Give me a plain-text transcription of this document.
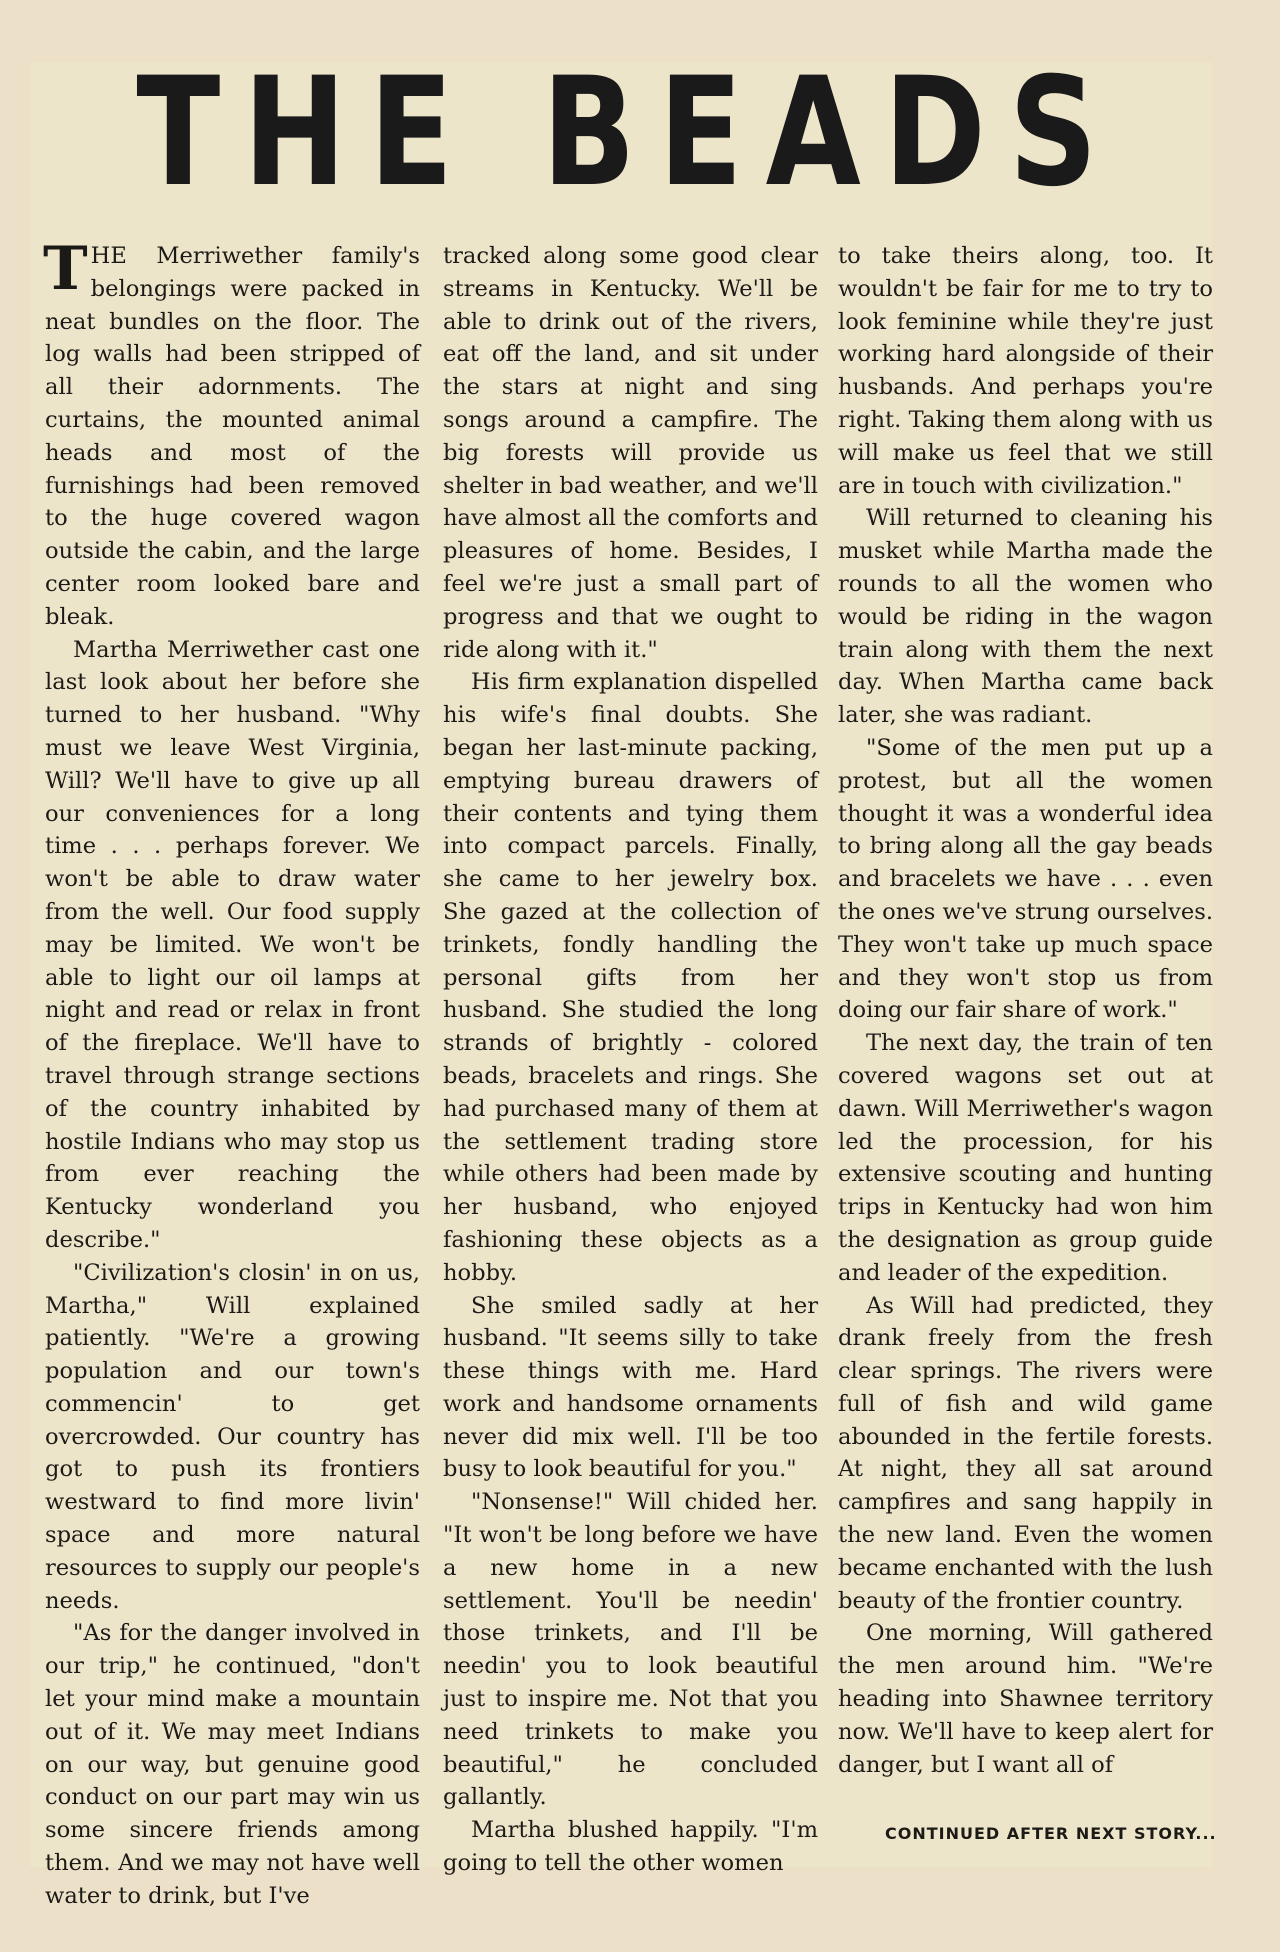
THE BEADS

THE Merriwether family's belongings were packed in neat bundles on the floor. The log walls had been stripped of all their adornments. The curtains, the mounted animal heads and most of the furnishings had been removed to the huge covered wagon outside the cabin, and the large center room looked bare and bleak.

Martha Merriwether cast one last look about her before she turned to her husband. "Why must we leave West Virginia, Will? We'll have to give up all our conveniences for a long time . . . perhaps forever. We won't be able to draw water from the well. Our food supply may be limited. We won't be able to light our oil lamps at night and read or relax in front of the fireplace. We'll have to travel through strange sections of the country inhabited by hostile Indians who may stop us from ever reaching the Kentucky wonderland you describe."

"Civilization's closin' in on us, Martha," Will explained patiently. "We're a growing population and our town's commencin' to get overcrowded. Our country has got to push its frontiers westward to find more livin' space and more natural resources to supply our people's needs.

"As for the danger involved in our trip," he continued, "don't let your mind make a mountain out of it. We may meet Indians on our way, but genuine good conduct on our part may win us some sincere friends among them. And we may not have well water to drink, but I've

tracked along some good clear streams in Kentucky. We'll be able to drink out of the rivers, eat off the land, and sit under the stars at night and sing songs around a campfire. The big forests will provide us shelter in bad weather, and we'll have almost all the comforts and pleasures of home. Besides, I feel we're just a small part of progress and that we ought to ride along with it."

His firm explanation dispelled his wife's final doubts. She began her last-minute packing, emptying bureau drawers of their contents and tying them into compact parcels. Finally, she came to her jewelry box. She gazed at the collection of trinkets, fondly handling the personal gifts from her husband. She studied the long strands of brightly - colored beads, bracelets and rings. She had purchased many of them at the settlement trading store while others had been made by her husband, who enjoyed fashioning these objects as a hobby.

She smiled sadly at her husband. "It seems silly to take these things with me. Hard work and handsome ornaments never did mix well. I'll be too busy to look beautiful for you."

"Nonsense!" Will chided her. "It won't be long before we have a new home in a new settlement. You'll be needin' those trinkets, and I'll be needin' you to look beautiful just to inspire me. Not that you need trinkets to make you beautiful," he concluded gallantly.

Martha blushed happily. "I'm going to tell the other women

to take theirs along, too. It wouldn't be fair for me to try to look feminine while they're just working hard alongside of their husbands. And perhaps you're right. Taking them along with us will make us feel that we still are in touch with civilization."

Will returned to cleaning his musket while Martha made the rounds to all the women who would be riding in the wagon train along with them the next day. When Martha came back later, she was radiant.

"Some of the men put up a protest, but all the women thought it was a wonderful idea to bring along all the gay beads and bracelets we have . . . even the ones we've strung ourselves. They won't take up much space and they won't stop us from doing our fair share of work."

The next day, the train of ten covered wagons set out at dawn. Will Merriwether's wagon led the procession, for his extensive scouting and hunting trips in Kentucky had won him the designation as group guide and leader of the expedition.

As Will had predicted, they drank freely from the fresh clear springs. The rivers were full of fish and wild game abounded in the fertile forests. At night, they all sat around campfires and sang happily in the new land. Even the women became enchanted with the lush beauty of the frontier country.

One morning, Will gathered the men around him. "We're heading into Shawnee territory now. We'll have to keep alert for danger, but I want all of

CONTINUED AFTER NEXT STORY...
